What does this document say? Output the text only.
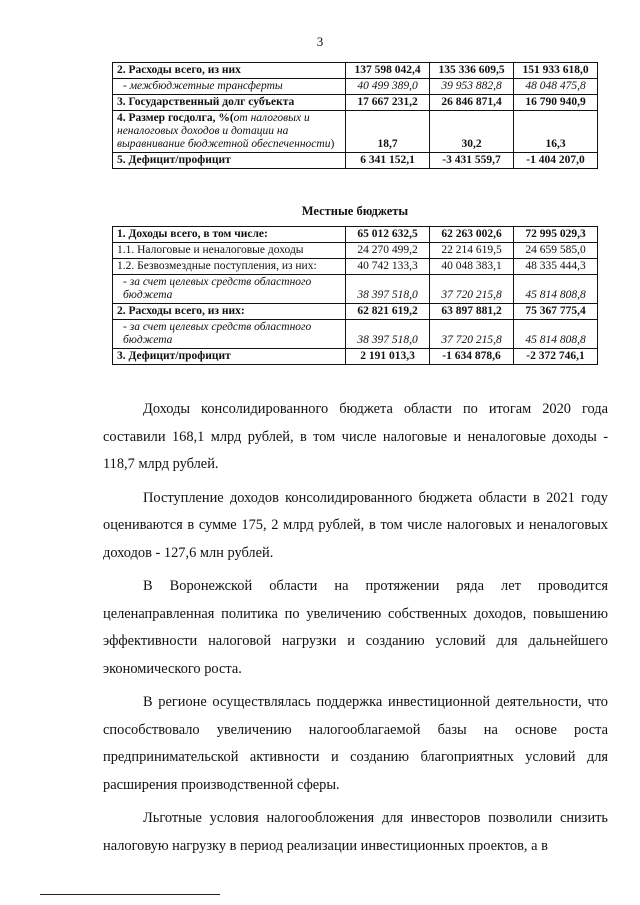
3
2. Расходы всего, из них	137 598 042,4	135 336 609,5	151 933 618,0
- межбюджетные трансферты	40 499 389,0	39 953 882,8	48 048 475,8
3. Государственный долг субъекта	17 667 231,2	26 846 871,4	16 790 940,9
4. Размер госдолга, %(от налоговых и неналоговых доходов и дотации на выравнивание бюджетной обеспеченности)	18,7	30,2	16,3
5. Дефицит/профицит	6 341 152,1	-3 431 559,7	-1 404 207,0
Местные бюджеты
1. Доходы всего, в том числе:	65 012 632,5	62 263 002,6	72 995 029,3
1.1. Налоговые и неналоговые доходы	24 270 499,2	22 214 619,5	24 659 585,0
1.2. Безвозмездные поступления, из них:	40 742 133,3	40 048 383,1	48 335 444,3
- за счет целевых средств областного бюджета	38 397 518,0	37 720 215,8	45 814 808,8
2. Расходы всего, из них:	62 821 619,2	63 897 881,2	75 367 775,4
- за счет целевых средств областного бюджета	38 397 518,0	37 720 215,8	45 814 808,8
3. Дефицит/профицит	2 191 013,3	-1 634 878,6	-2 372 746,1

Доходы консолидированного бюджета области по итогам 2020 года составили 168,1 млрд рублей, в том числе налоговые и неналоговые доходы - 118,7 млрд рублей.

Поступление доходов консолидированного бюджета области в 2021 году оцениваются в сумме 175, 2 млрд рублей, в том числе налоговых и неналоговых доходов - 127,6 млн рублей.

В Воронежской области на протяжении ряда лет проводится целенаправленная политика по увеличению собственных доходов, повышению эффективности налоговой нагрузки и созданию условий для дальнейшего экономического роста.

В регионе осуществлялась поддержка инвестиционной деятельности, что способствовало увеличению налогооблагаемой базы на основе роста предпринимательской активности и созданию благоприятных условий для расширения производственной сферы.

Льготные условия налогообложения для инвесторов позволили снизить налоговую нагрузку в период реализации инвестиционных проектов, а в
